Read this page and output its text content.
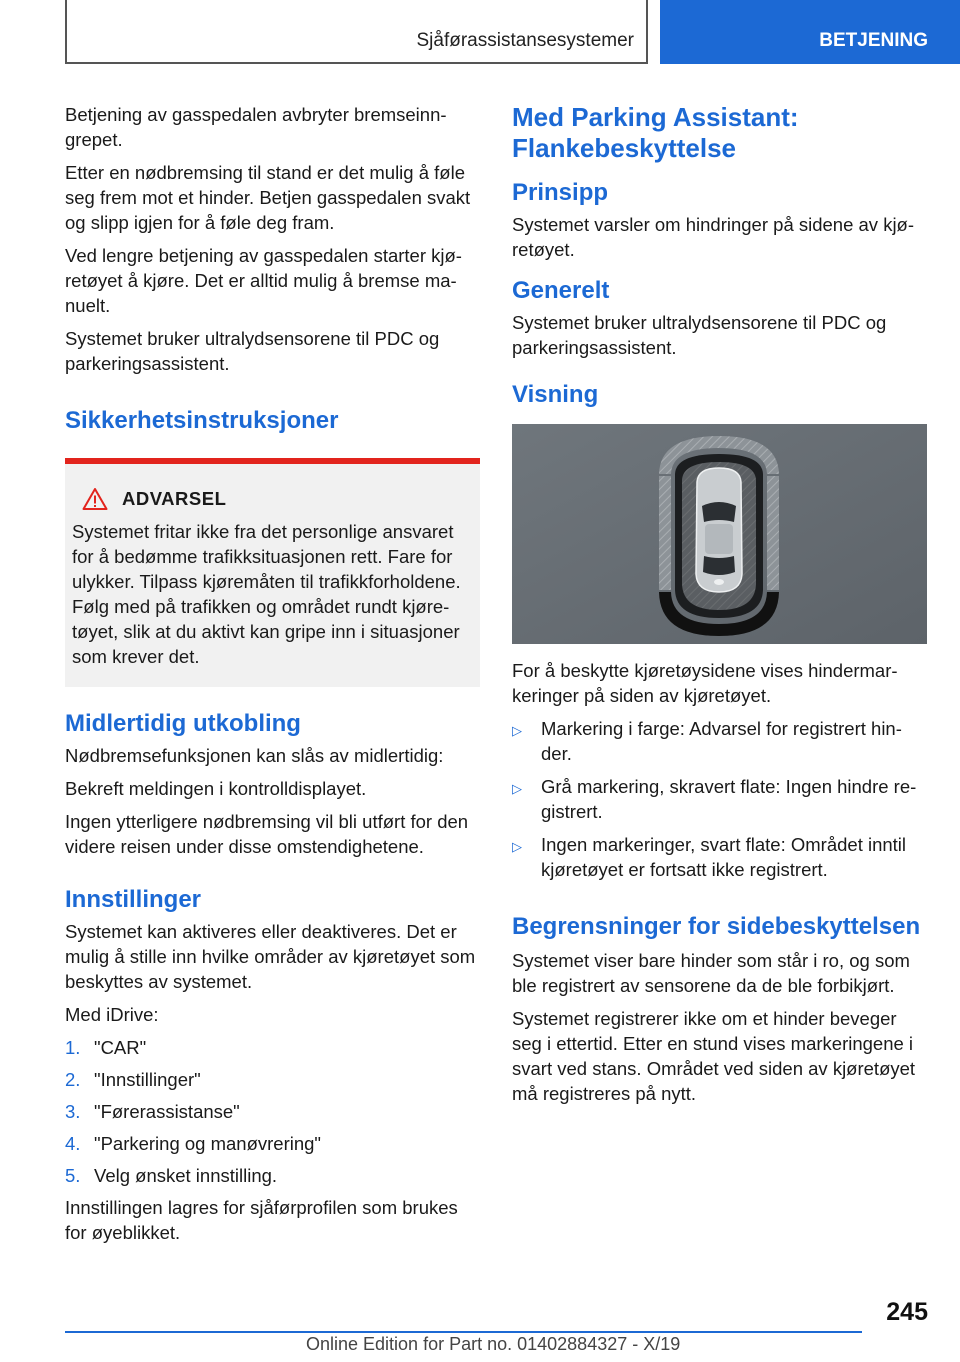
Sjåførassistansesystemer	BETJENING

Betjening av gasspedalen avbryter bremseinn‐ grepet.

Etter en nødbremsing til stand er det mulig å føle seg frem mot et hinder. Betjen gasspedalen svakt og slipp igjen for å føle deg fram.

Ved lengre betjening av gasspedalen starter kjø‐ retøyet å kjøre. Det er alltid mulig å bremse ma‐ nuelt.

Systemet bruker ultralydsensorene til PDC og parkeringsassistent.

Sikkerhetsinstruksjoner
ADVARSEL
Systemet fritar ikke fra det personlige ansvaret for å bedømme trafikksituasjonen rett. Fare for ulykker. Tilpass kjøremåten til trafikkforholdene. Følg med på trafikken og området rundt kjøre‐ tøyet, slik at du aktivt kan gripe inn i situasjoner som krever det.
Midlertidig utkobling

Nødbremsefunksjonen kan slås av midlertidig:

Bekreft meldingen i kontrolldisplayet.

Ingen ytterligere nødbremsing vil bli utført for den videre reisen under disse omstendighetene.

Innstillinger

Systemet kan aktiveres eller deaktiveres. Det er mulig å stille inn hvilke områder av kjøretøyet som beskyttes av systemet.

Med iDrive:

1. "CAR"
2. "Innstillinger"
3. "Førerassistanse"
4. "Parkering og manøvrering"
5. Velg ønsket innstilling.

Innstillingen lagres for sjåførprofilen som brukes for øyeblikket.

Med Parking Assistant: Flankebeskyttelse
Prinsipp

Systemet varsler om hindringer på sidene av kjø‐ retøyet.

Generelt

Systemet bruker ultralydsensorene til PDC og parkeringsassistent.

Visning

For å beskytte kjøretøysidene vises hindermar‐ keringer på siden av kjøretøyet.

▷	Markering i farge: Advarsel for registrert hin‐ der.
▷	Grå markering, skravert flate: Ingen hindre re‐ gistrert.
▷	Ingen markeringer, svart flate: Området inntil kjøretøyet er fortsatt ikke registrert.
Begrensninger for sidebeskyttelsen

Systemet viser bare hinder som står i ro, og som ble registrert av sensorene da de ble forbikjørt.

Systemet registrerer ikke om et hinder beveger seg i ettertid. Etter en stund vises markeringene i svart ved stans. Området ved siden av kjøretøyet må registreres på nytt.

245
Online Edition for Part no. 01402884327 - X/19
